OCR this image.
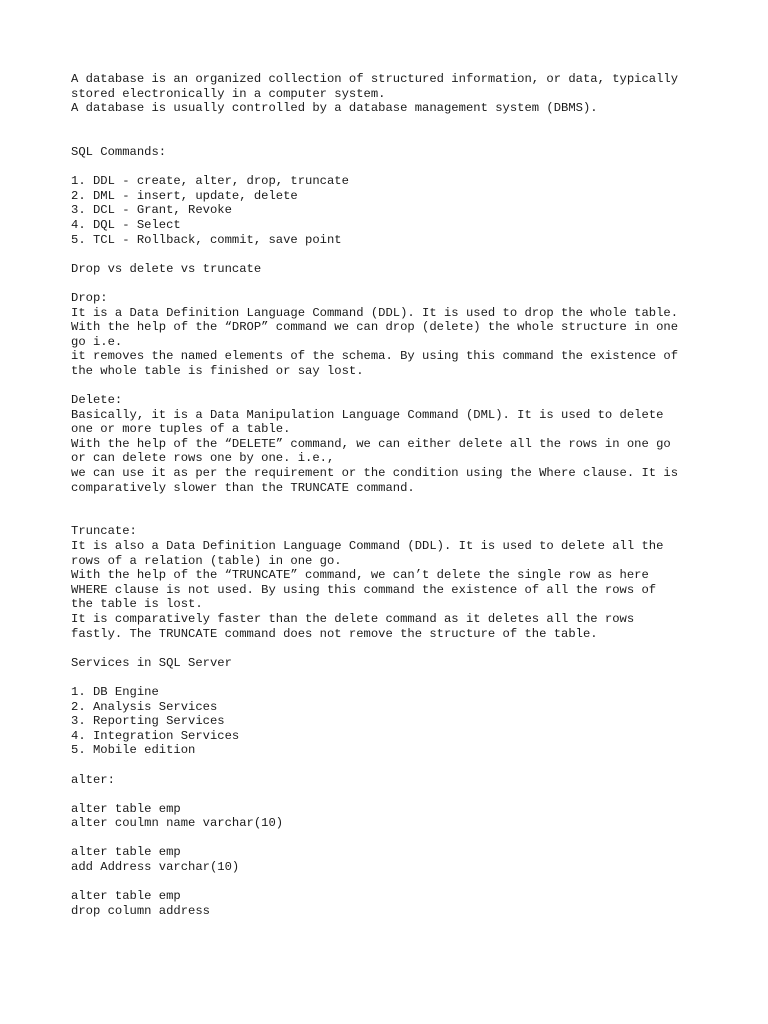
A database is an organized collection of structured information, or data, typically
stored electronically in a computer system.
A database is usually controlled by a database management system (DBMS).
SQL Commands:
1. DDL - create, alter, drop, truncate
2. DML - insert, update, delete
3. DCL - Grant, Revoke
4. DQL - Select
5. TCL - Rollback, commit, save point
Drop vs delete vs truncate
Drop:
It is a Data Definition Language Command (DDL). It is used to drop the whole table.
With the help of the “DROP” command we can drop (delete) the whole structure in one
go i.e.
it removes the named elements of the schema. By using this command the existence of
the whole table is finished or say lost.
Delete:
Basically, it is a Data Manipulation Language Command (DML). It is used to delete
one or more tuples of a table.
With the help of the “DELETE” command, we can either delete all the rows in one go
or can delete rows one by one. i.e.,
we can use it as per the requirement or the condition using the Where clause. It is
comparatively slower than the TRUNCATE command.
Truncate:
It is also a Data Definition Language Command (DDL). It is used to delete all the
rows of a relation (table) in one go.
With the help of the “TRUNCATE” command, we can’t delete the single row as here
WHERE clause is not used. By using this command the existence of all the rows of
the table is lost.
It is comparatively faster than the delete command as it deletes all the rows
fastly. The TRUNCATE command does not remove the structure of the table.
Services in SQL Server
1. DB Engine
2. Analysis Services
3. Reporting Services
4. Integration Services
5. Mobile edition
alter:
alter table emp
alter coulmn name varchar(10)
alter table emp
add Address varchar(10)
alter table emp
drop column address
